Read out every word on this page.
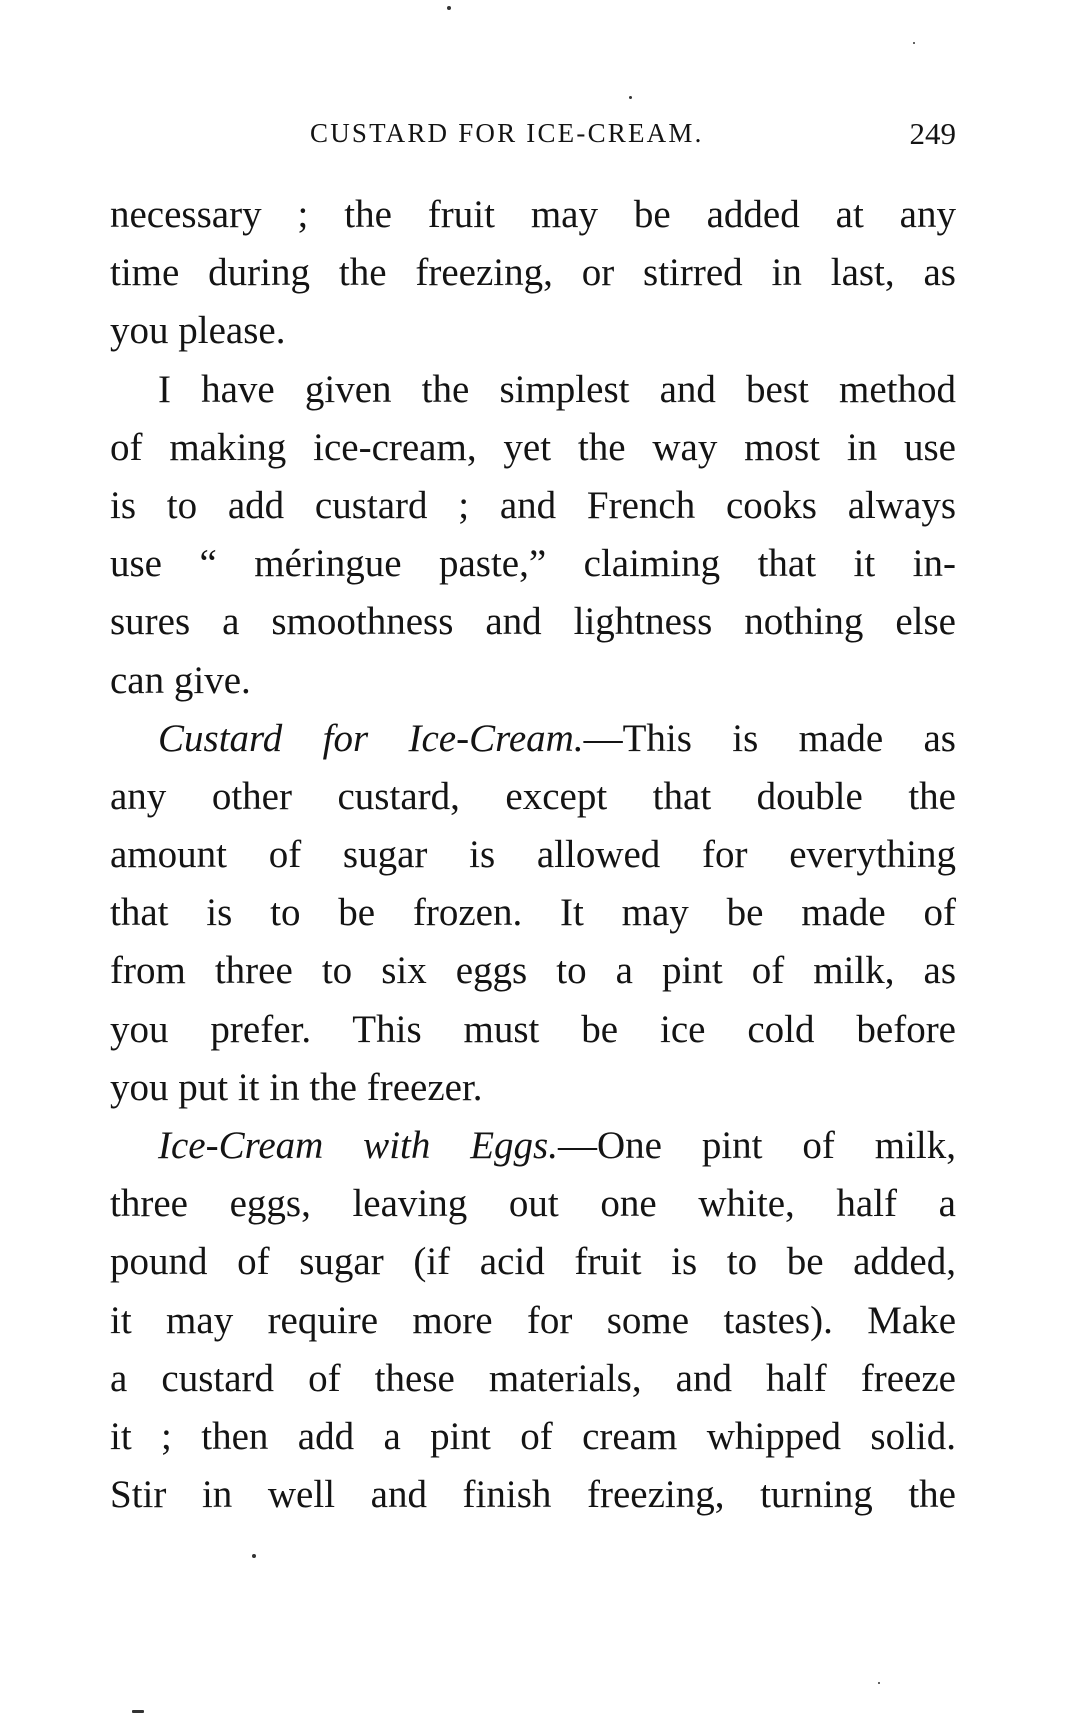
CUSTARD FOR ICE-CREAM.	249
necessary ; the fruit may be added at any
time during the freezing, or stirred in last, as
you please.
I have given the simplest and best method
of making ice-cream, yet the way most in use
is to add custard ; and French cooks always
use “ méringue paste,” claiming that it in-
sures a smoothness and lightness nothing else
can give.
Custard for Ice-Cream.—This is made as
any other custard, except that double the
amount of sugar is allowed for everything
that is to be frozen. It may be made of
from three to six eggs to a pint of milk, as
you prefer. This must be ice cold before
you put it in the freezer.
Ice-Cream with Eggs.—One pint of milk,
three eggs, leaving out one white, half a
pound of sugar (if acid fruit is to be added,
it may require more for some tastes). Make
a custard of these materials, and half freeze
it ; then add a pint of cream whipped solid.
Stir in well and finish freezing, turning the
